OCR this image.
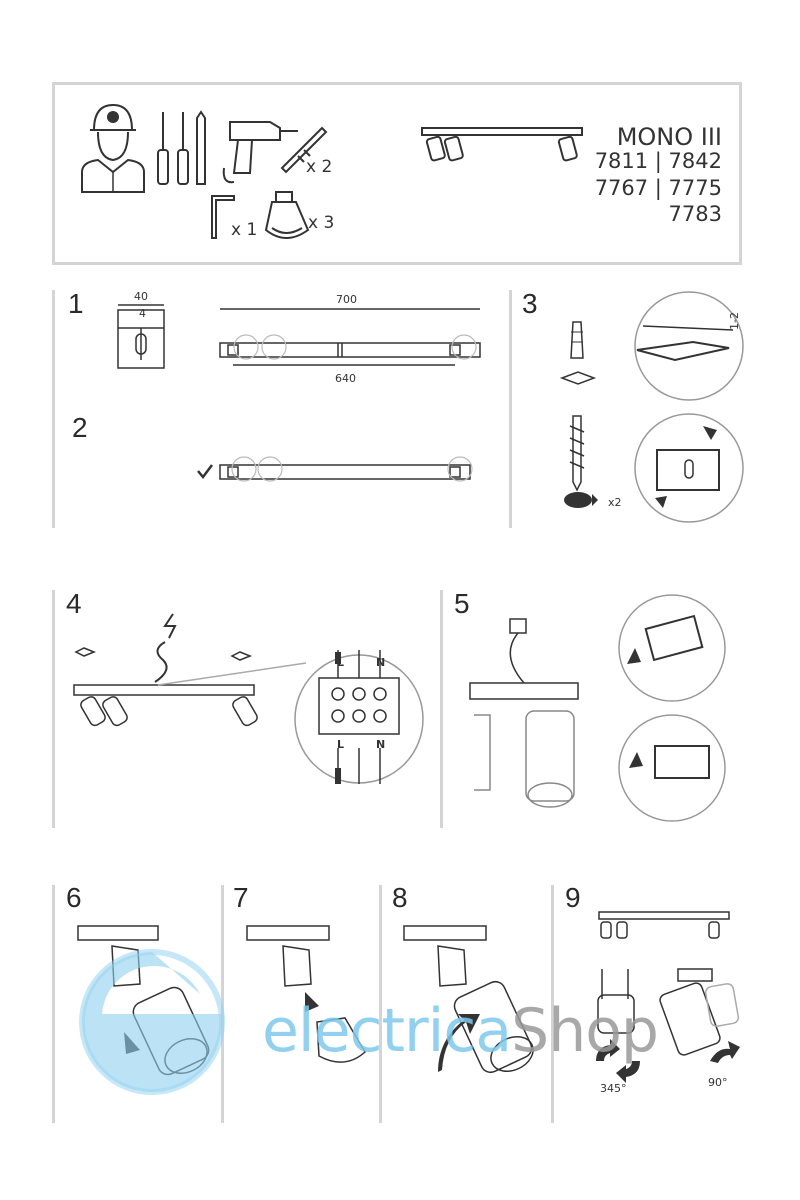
x 2
x 1	x 3
MONO III
7811 | 7842
7767 | 7775
7783
1
2
3
40
4
700
640
x2
1-2
4	5
L	N
L	N
6	7	8	9
345°	90°
electricaShop
